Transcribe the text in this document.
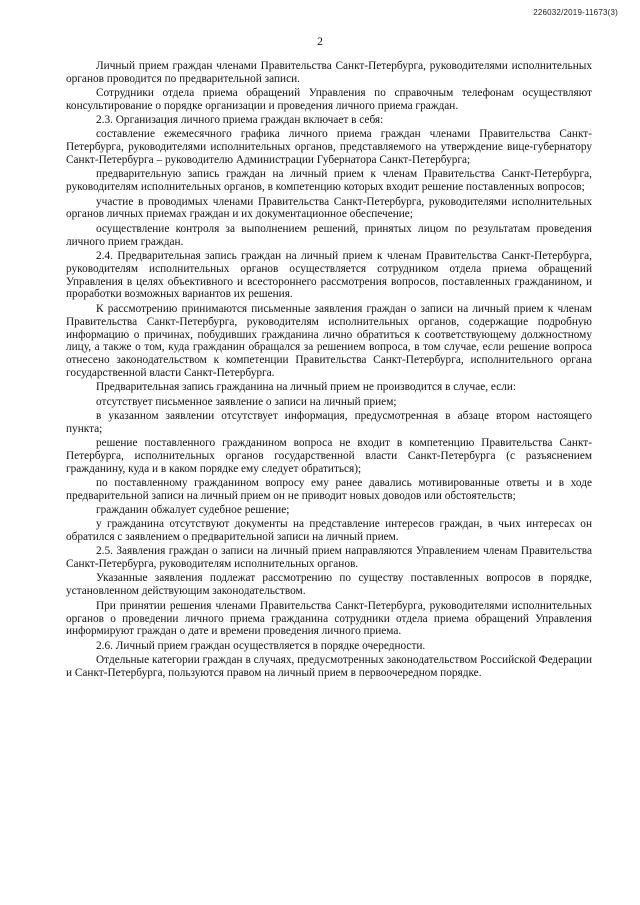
226032/2019-11673(3)
2

Личный прием граждан членами Правительства Санкт-Петербурга, руководителями исполнительных органов проводится по предварительной записи.

Сотрудники отдела приема обращений Управления по справочным телефонам осуществляют консультирование о порядке организации и проведения личного приема граждан.

2.3. Организация личного приема граждан включает в себя:

составление ежемесячного графика личного приема граждан членами Правительства Санкт-Петербурга, руководителями исполнительных органов, представляемого на утверждение вице-губернатору Санкт-Петербурга – руководителю Администрации Губернатора Санкт-Петербурга;

предварительную запись граждан на личный прием к членам Правительства Санкт-Петербурга, руководителям исполнительных органов, в компетенцию которых входит решение поставленных вопросов;

участие в проводимых членами Правительства Санкт-Петербурга, руководителями исполнительных органов личных приемах граждан и их документационное обеспечение;

осуществление контроля за выполнением решений, принятых лицом по результатам проведения личного прием граждан.

2.4. Предварительная запись граждан на личный прием к членам Правительства Санкт-Петербурга, руководителям исполнительных органов осуществляется сотрудником отдела приема обращений Управления в целях объективного и всестороннего рассмотрения вопросов, поставленных гражданином, и проработки возможных вариантов их решения.

К рассмотрению принимаются письменные заявления граждан о записи на личный прием к членам Правительства Санкт-Петербурга, руководителям исполнительных органов, содержащие подробную информацию о причинах, побудивших гражданина лично обратиться к соответствующему должностному лицу, а также о том, куда гражданин обращался за решением вопроса, в том случае, если решение вопроса отнесено законодательством к компетенции Правительства Санкт-Петербурга, исполнительного органа государственной власти Санкт-Петербурга.

Предварительная запись гражданина на личный прием не производится в случае, если:

отсутствует письменное заявление о записи на личный прием;

в указанном заявлении отсутствует информация, предусмотренная в абзаце втором настоящего пункта;

решение поставленного гражданином вопроса не входит в компетенцию Правительства Санкт-Петербурга, исполнительных органов государственной власти Санкт-Петербурга (с разъяснением гражданину, куда и в каком порядке ему следует обратиться);

по поставленному гражданином вопросу ему ранее давались мотивированные ответы и в ходе предварительной записи на личный прием он не приводит новых доводов или обстоятельств;

гражданин обжалует судебное решение;

у гражданина отсутствуют документы на представление интересов граждан, в чьих интересах он обратился с заявлением о предварительной записи на личный прием.

2.5. Заявления граждан о записи на личный прием направляются Управлением членам Правительства Санкт-Петербурга, руководителям исполнительных органов.

Указанные заявления подлежат рассмотрению по существу поставленных вопросов в порядке, установленном действующим законодательством.

При принятии решения членами Правительства Санкт-Петербурга, руководителями исполнительных органов о проведении личного приема гражданина сотрудники отдела приема обращений Управления информируют граждан о дате и времени проведения личного приема.

2.6. Личный прием граждан осуществляется в порядке очередности.

Отдельные категории граждан в случаях, предусмотренных законодательством Российской Федерации и Санкт-Петербурга, пользуются правом на личный прием в первоочередном порядке.
